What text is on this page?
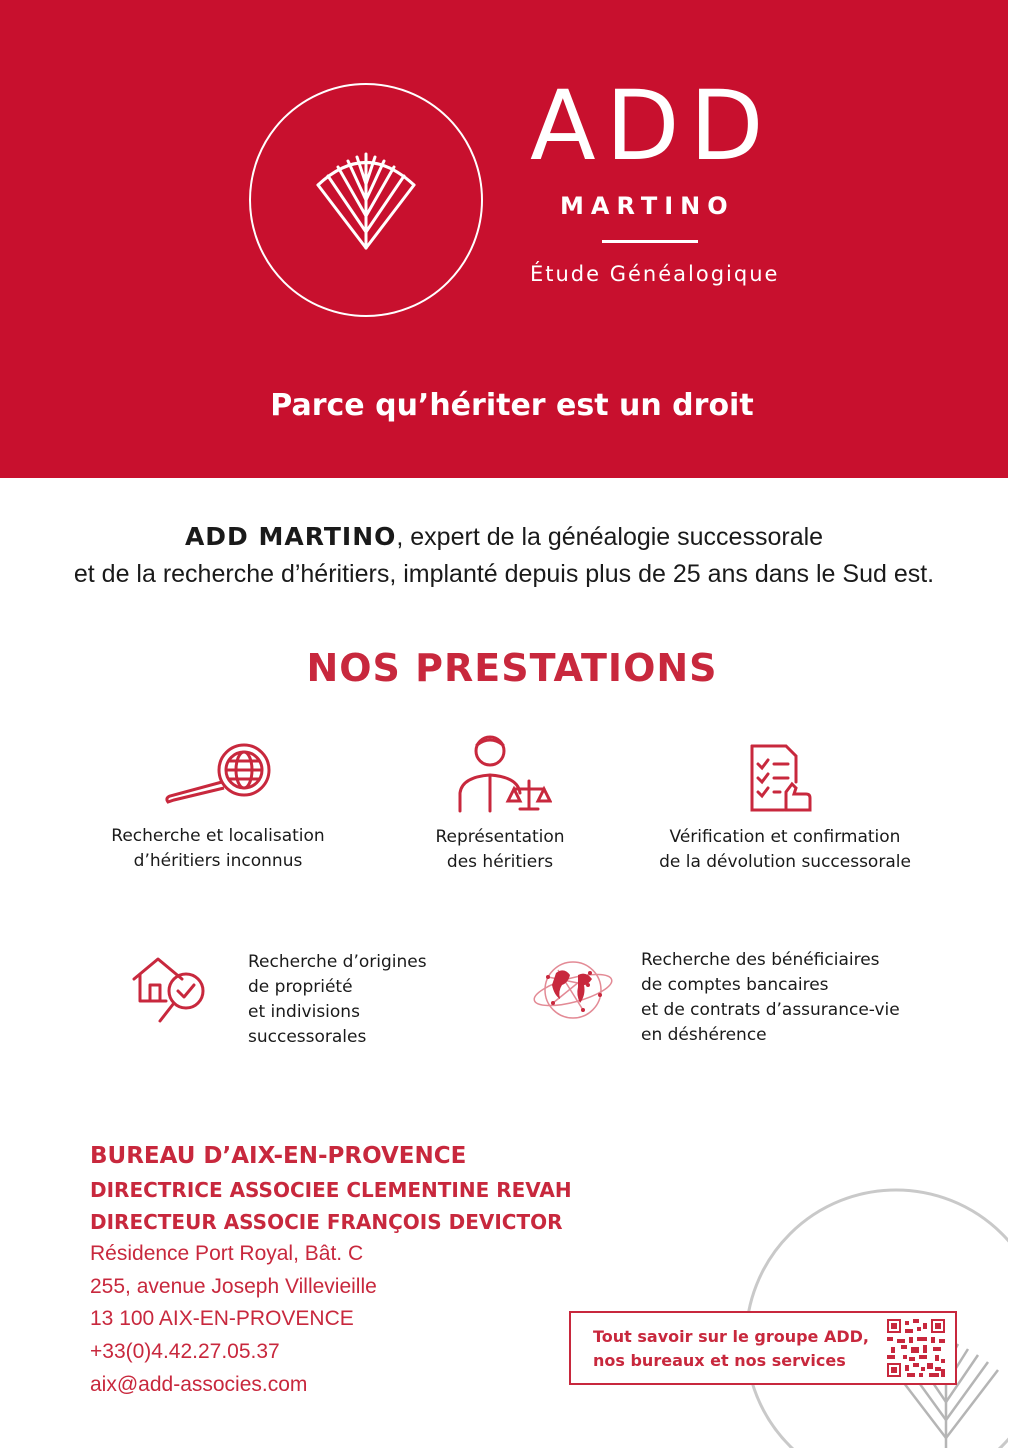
ADD
MARTINO
Étude Généalogique
Parce qu’hériter est un droit
ADD MARTINO, expert de la généalogie successorale
et de la recherche d’héritiers, implanté depuis plus de 25 ans dans le Sud est.
NOS PRESTATIONS
Recherche et localisation
d’héritiers inconnus
Représentation
des héritiers
Vérification et confirmation
de la dévolution successorale
Recherche d’origines
de propriété
et indivisions
successorales
Recherche des bénéficiaires
de comptes bancaires
et de contrats d’assurance-vie
en déshérence
BUREAU D’AIX-EN-PROVENCE
DIRECTRICE ASSOCIEE CLEMENTINE REVAH
DIRECTEUR ASSOCIE FRANÇOIS DEVICTOR
Résidence Port Royal, Bât. C
255, avenue Joseph Villevieille
13 100 AIX-EN-PROVENCE
+33(0)4.42.27.05.37
aix@add-associes.com
Tout savoir sur le groupe ADD,
nos bureaux et nos services
